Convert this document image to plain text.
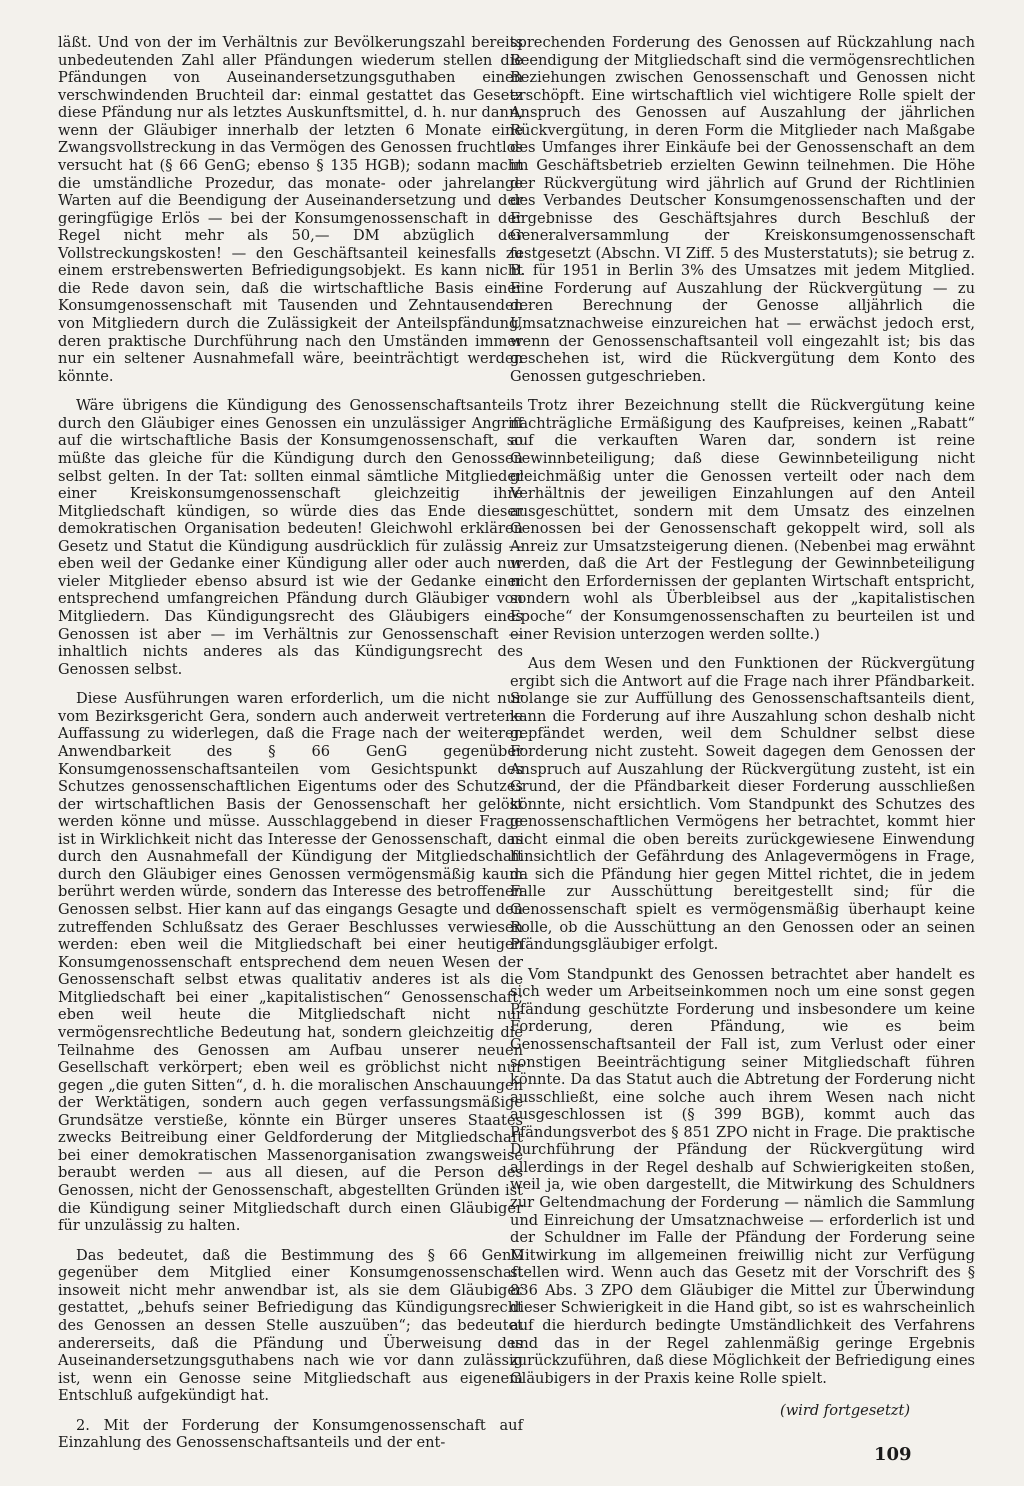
läßt. Und von der im Verhältnis zur Bevölkerungszahl bereits unbedeutenden Zahl aller Pfändungen wiederum stellen die Pfändungen von Auseinandersetzungsguthaben einen verschwindenden Bruchteil dar: einmal gestattet das Gesetz diese Pfändung nur als letztes Auskunftsmittel, d. h. nur dann, wenn der Gläubiger innerhalb der letzten 6 Monate eine Zwangsvollstreckung in das Vermögen des Genossen fruchtlos versucht hat (§ 66 GenG; ebenso § 135 HGB); sodann macht die umständliche Prozedur, das monate- oder jahrelange Warten auf die Beendigung der Auseinandersetzung und der geringfügige Erlös — bei der Konsumgenossenschaft in der Regel nicht mehr als 50,— DM abzüglich der Vollstreckungskosten! — den Geschäftsanteil keinesfalls zu einem erstrebenswerten Befriedigungsobjekt. Es kann nicht die Rede davon sein, daß die wirtschaftliche Basis einer Konsumgenossenschaft mit Tausenden und Zehntausenden von Mitgliedern durch die Zulässigkeit der Anteilspfändung, deren praktische Durchführung nach den Umständen immer nur ein seltener Ausnahmefall wäre, beeinträchtigt werden könnte.

Wäre übrigens die Kündigung des Genossenschaftsanteils durch den Gläubiger eines Genossen ein unzulässiger Angriff auf die wirtschaftliche Basis der Konsumgenossenschaft, so müßte das gleiche für die Kündigung durch den Genossen selbst gelten. In der Tat: sollten einmal sämtliche Mitglieder einer Kreiskonsumgenossenschaft gleichzeitig ihre Mitgliedschaft kündigen, so würde dies das Ende dieser demokratischen Organisation bedeuten! Gleichwohl erklären Gesetz und Statut die Kündigung ausdrücklich für zulässig — eben weil der Gedanke einer Kündigung aller oder auch nur vieler Mitglieder ebenso absurd ist wie der Gedanke einer entsprechend umfangreichen Pfändung durch Gläubiger von Mitgliedern. Das Kündigungsrecht des Gläubigers eines Genossen ist aber — im Verhältnis zur Genossenschaft — inhaltlich nichts anderes als das Kündigungsrecht des Genossen selbst.

Diese Ausführungen waren erforderlich, um die nicht nur vom Bezirksgericht Gera, sondern auch anderweit vertretene Auffassung zu widerlegen, daß die Frage nach der weiteren Anwendbarkeit des § 66 GenG gegenüber Konsumgenossenschaftsanteilen vom Gesichtspunkt des Schutzes genossenschaftlichen Eigentums oder des Schutzes der wirtschaftlichen Basis der Genossenschaft her gelöst werden könne und müsse. Ausschlaggebend in dieser Frage ist in Wirklichkeit nicht das Interesse der Genossenschaft, das durch den Ausnahmefall der Kündigung der Mitgliedschaft durch den Gläubiger eines Genossen vermögensmäßig kaum berührt werden würde, sondern das Interesse des betroffenen Genossen selbst. Hier kann auf das eingangs Gesagte und den zutreffenden Schlußsatz des Geraer Beschlusses verwiesen werden: eben weil die Mitgliedschaft bei einer heutigen Konsumgenossenschaft entsprechend dem neuen Wesen der Genossenschaft selbst etwas qualitativ anderes ist als die Mitgliedschaft bei einer „kapitalistischen“ Genossenschaft; eben weil heute die Mitgliedschaft nicht nur vermögensrechtliche Bedeutung hat, sondern gleichzeitig die Teilnahme des Genossen am Aufbau unserer neuen Gesellschaft verkörpert; eben weil es gröblichst nicht nur gegen „die guten Sitten“, d. h. die moralischen Anschauungen der Werktätigen, sondern auch gegen verfassungsmäßige Grundsätze verstieße, könnte ein Bürger unseres Staates zwecks Beitreibung einer Geldforderung der Mitgliedschaft bei einer demokratischen Massenorganisation zwangsweise beraubt werden — aus all diesen, auf die Person des Genossen, nicht der Genossenschaft, abgestellten Gründen ist die Kündigung seiner Mitgliedschaft durch einen Gläubiger für unzulässig zu halten.

Das bedeutet, daß die Bestimmung des § 66 GenG gegenüber dem Mitglied einer Konsumgenossenschaft insoweit nicht mehr anwendbar ist, als sie dem Gläubiger gestattet, „behufs seiner Befriedigung das Kündigungsrecht des Genossen an dessen Stelle auszuüben“; das bedeutet andererseits, daß die Pfändung und Überweisung des Auseinandersetzungsguthabens nach wie vor dann zulässig ist, wenn ein Genosse seine Mitgliedschaft aus eigenem Entschluß aufgekündigt hat.

2. Mit der Forderung der Konsumgenossenschaft auf Einzahlung des Genossenschaftsanteils und der ent-

sprechenden Forderung des Genossen auf Rückzahlung nach Beendigung der Mitgliedschaft sind die vermögensrechtlichen Beziehungen zwischen Genossenschaft und Genossen nicht erschöpft. Eine wirtschaftlich viel wichtigere Rolle spielt der Anspruch des Genossen auf Auszahlung der jährlichen Rückvergütung, in deren Form die Mitglieder nach Maßgabe des Umfanges ihrer Einkäufe bei der Genossenschaft an dem im Geschäftsbetrieb erzielten Gewinn teilnehmen. Die Höhe der Rückvergütung wird jährlich auf Grund der Richtlinien des Verbandes Deutscher Konsumgenossenschaften und der Ergebnisse des Geschäftsjahres durch Beschluß der Generalversammlung der Kreiskonsumgenossenschaft festgesetzt (Abschn. VI Ziff. 5 des Musterstatuts); sie betrug z. B. für 1951 in Berlin 3% des Umsatzes mit jedem Mitglied. Eine Forderung auf Auszahlung der Rückvergütung — zu deren Berechnung der Genosse alljährlich die Umsatznachweise einzureichen hat — erwächst jedoch erst, wenn der Genossenschaftsanteil voll eingezahlt ist; bis das geschehen ist, wird die Rückvergütung dem Konto des Genossen gutgeschrieben.

Trotz ihrer Bezeichnung stellt die Rückvergütung keine nachträgliche Ermäßigung des Kaufpreises, keinen „Rabatt“ auf die verkauften Waren dar, sondern ist reine Gewinnbeteiligung; daß diese Gewinnbeteiligung nicht gleichmäßig unter die Genossen verteilt oder nach dem Verhältnis der jeweiligen Einzahlungen auf den Anteil ausgeschüttet, sondern mit dem Umsatz des einzelnen Genossen bei der Genossenschaft gekoppelt wird, soll als Anreiz zur Umsatzsteigerung dienen. (Nebenbei mag erwähnt werden, daß die Art der Festlegung der Gewinnbeteiligung nicht den Erfordernissen der geplanten Wirtschaft entspricht, sondern wohl als Überbleibsel aus der „kapitalistischen Epoche“ der Konsumgenossenschaften zu beurteilen ist und einer Revision unterzogen werden sollte.)

Aus dem Wesen und den Funktionen der Rückvergütung ergibt sich die Antwort auf die Frage nach ihrer Pfändbarkeit. Solange sie zur Auffüllung des Genossenschaftsanteils dient, kann die Forderung auf ihre Auszahlung schon deshalb nicht gepfändet werden, weil dem Schuldner selbst diese Forderung nicht zusteht. Soweit dagegen dem Genossen der Anspruch auf Auszahlung der Rückvergütung zusteht, ist ein Grund, der die Pfändbarkeit dieser Forderung ausschließen könnte, nicht ersichtlich. Vom Standpunkt des Schutzes des genossenschaftlichen Vermögens her betrachtet, kommt hier nicht einmal die oben bereits zurückgewiesene Einwendung hinsichtlich der Gefährdung des Anlagevermögens in Frage, da sich die Pfändung hier gegen Mittel richtet, die in jedem Falle zur Ausschüttung bereitgestellt sind; für die Genossenschaft spielt es vermögensmäßig überhaupt keine Rolle, ob die Ausschüttung an den Genossen oder an seinen Pfändungsgläubiger erfolgt.

Vom Standpunkt des Genossen betrachtet aber handelt es sich weder um Arbeitseinkommen noch um eine sonst gegen Pfändung geschützte Forderung und insbesondere um keine Forderung, deren Pfändung, wie es beim Genossenschaftsanteil der Fall ist, zum Verlust oder einer sonstigen Beeinträchtigung seiner Mitgliedschaft führen könnte. Da das Statut auch die Abtretung der Forderung nicht ausschließt, eine solche auch ihrem Wesen nach nicht ausgeschlossen ist (§ 399 BGB), kommt auch das Pfändungsverbot des § 851 ZPO nicht in Frage. Die praktische Durchführung der Pfändung der Rückvergütung wird allerdings in der Regel deshalb auf Schwierigkeiten stoßen, weil ja, wie oben dargestellt, die Mitwirkung des Schuldners zur Geltendmachung der Forderung — nämlich die Sammlung und Einreichung der Umsatznachweise — erforderlich ist und der Schuldner im Falle der Pfändung der Forderung seine Mitwirkung im allgemeinen freiwillig nicht zur Verfügung stellen wird. Wenn auch das Gesetz mit der Vorschrift des § 836 Abs. 3 ZPO dem Gläubiger die Mittel zur Überwindung dieser Schwierigkeit in die Hand gibt, so ist es wahrscheinlich auf die hierdurch bedingte Umständlichkeit des Verfahrens und das in der Regel zahlenmäßig geringe Ergebnis zurückzuführen, daß diese Möglichkeit der Befriedigung eines Gläubigers in der Praxis keine Rolle spielt.

(wird fortgesetzt)
109
